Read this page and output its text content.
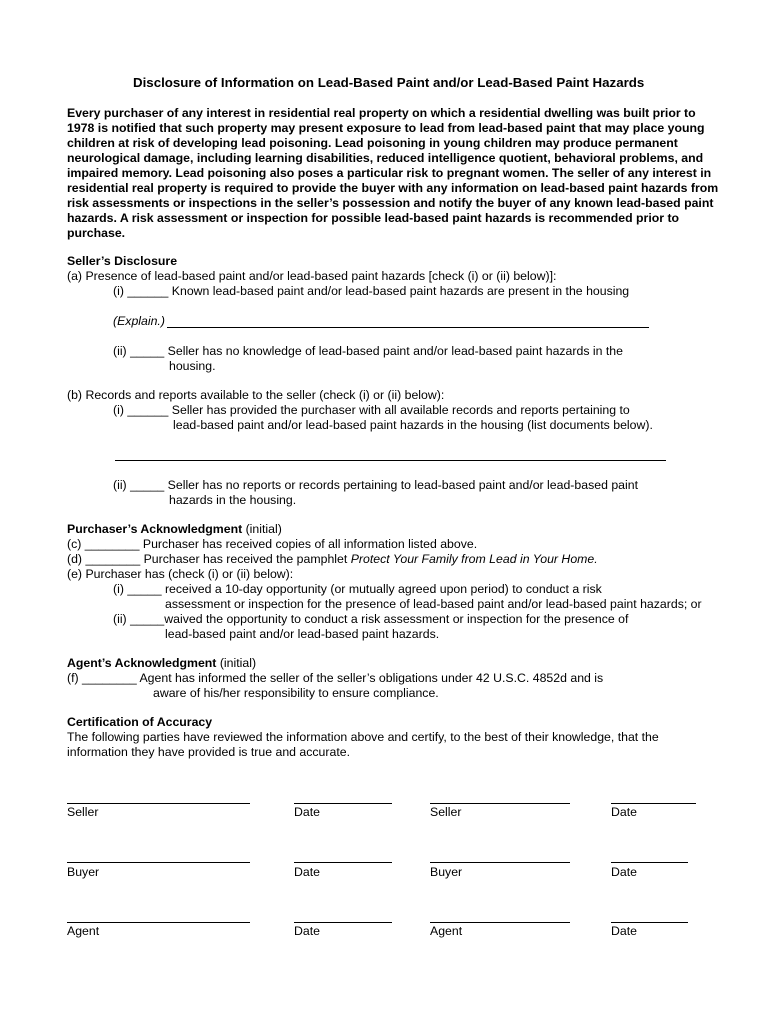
Disclosure of Information on Lead-Based Paint and/or Lead-Based Paint Hazards
Every purchaser of any interest in residential real property on which a residential dwelling was built prior to 1978 is notified that such property may present exposure to lead from lead-based paint that may place young children at risk of developing lead poisoning. Lead poisoning in young children may produce permanent neurological damage, including learning disabilities, reduced intelligence quotient, behavioral problems, and impaired memory. Lead poisoning also poses a particular risk to pregnant women. The seller of any interest in residential real property is required to provide the buyer with any information on lead-based paint hazards from risk assessments or inspections in the seller’s possession and notify the buyer of any known lead-based paint hazards. A risk assessment or inspection for possible lead-based paint hazards is recommended prior to purchase.
Seller’s Disclosure
(a) Presence of lead-based paint and/or lead-based paint hazards [check (i) or (ii) below)]:
(i) ______ Known lead-based paint and/or lead-based paint hazards are present in the housing
(Explain.)
(ii) _____ Seller has no knowledge of lead-based paint and/or lead-based paint hazards in the
housing.
(b) Records and reports available to the seller (check (i) or (ii) below):
(i) ______ Seller has provided the purchaser with all available records and reports pertaining to
lead-based paint and/or lead-based paint hazards in the housing (list documents below).
(ii) _____ Seller has no reports or records pertaining to lead-based paint and/or lead-based paint
hazards in the housing.
Purchaser’s Acknowledgment (initial)
(c) ________ Purchaser has received copies of all information listed above.
(d) ________ Purchaser has received the pamphlet Protect Your Family from Lead in Your Home.
(e) Purchaser has (check (i) or (ii) below):
(i) _____ received a 10-day opportunity (or mutually agreed upon period) to conduct a risk
assessment or inspection for the presence of lead-based paint and/or lead-based paint hazards; or
(ii) _____waived the opportunity to conduct a risk assessment or inspection for the presence of
lead-based paint and/or lead-based paint hazards.
Agent’s Acknowledgment (initial)
(f) ________ Agent has informed the seller of the seller’s obligations under 42 U.S.C. 4852d and is
aware of his/her responsibility to ensure compliance.
Certification of Accuracy
The following parties have reviewed the information above and certify, to the best of their knowledge, that the
information they have provided is true and accurate.
Seller	Date	Seller	Date
Buyer	Date	Buyer	Date
Agent	Date	Agent	Date
